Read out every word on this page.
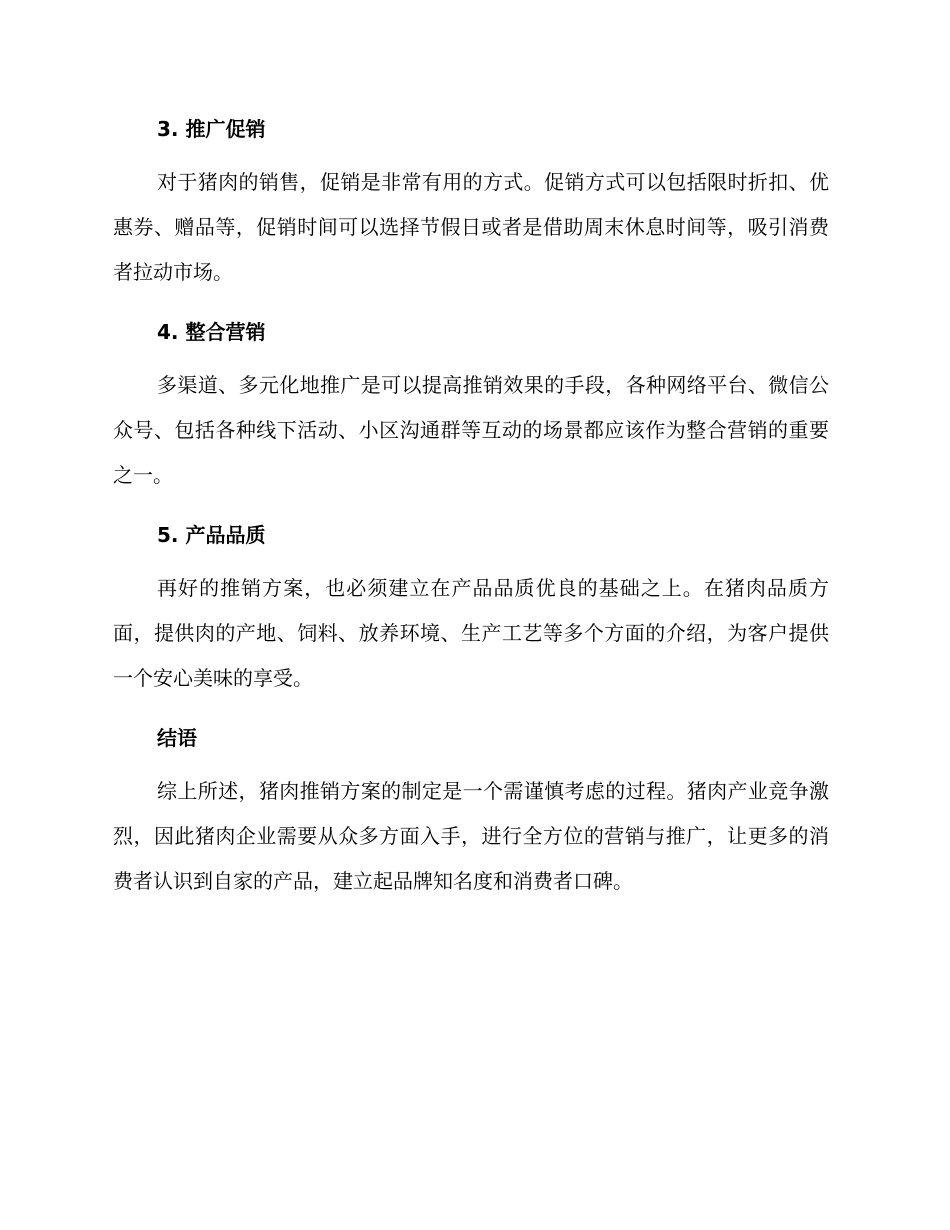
3. 推广促销

对于猪肉的销售，促销是非常有用的方式。促销方式可以包括限时折扣、优惠券、赠品等，促销时间可以选择节假日或者是借助周末休息时间等，吸引消费者拉动市场。

4. 整合营销

多渠道、多元化地推广是可以提高推销效果的手段，各种网络平台、微信公众号、包括各种线下活动、小区沟通群等互动的场景都应该作为整合营销的重要之一。

5. 产品品质

再好的推销方案，也必须建立在产品品质优良的基础之上。在猪肉品质方面，提供肉的产地、饲料、放养环境、生产工艺等多个方面的介绍，为客户提供一个安心美味的享受。

结语

综上所述，猪肉推销方案的制定是一个需谨慎考虑的过程。猪肉产业竞争激烈，因此猪肉企业需要从众多方面入手，进行全方位的营销与推广，让更多的消费者认识到自家的产品，建立起品牌知名度和消费者口碑。
